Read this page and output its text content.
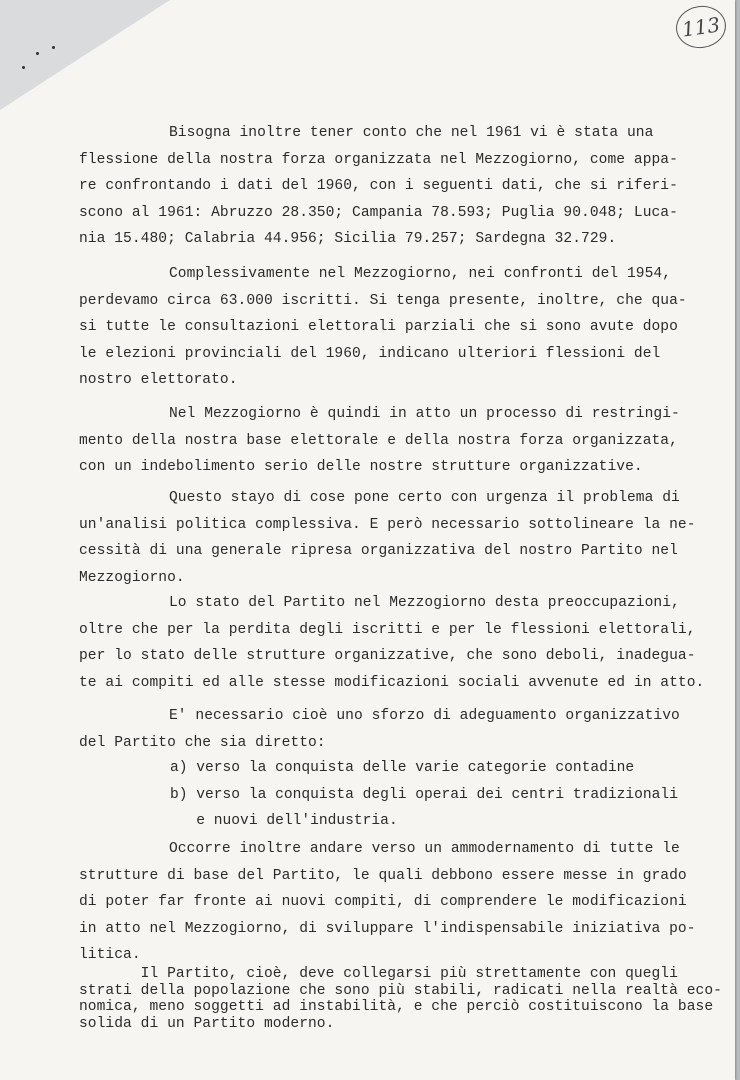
113
Bisogna inoltre tener conto che nel 1961 vi è stata una
flessione della nostra forza organizzata nel Mezzogiorno, come appa-
re confrontando i dati del 1960, con i seguenti dati, che si riferi-
scono al 1961: Abruzzo 28.350; Campania 78.593; Puglia 90.048; Luca-
nia 15.480; Calabria 44.956; Sicilia 79.257; Sardegna 32.729.
Complessivamente nel Mezzogiorno, nei confronti del 1954,
perdevamo circa 63.000 iscritti. Si tenga presente, inoltre, che qua-
si tutte le consultazioni elettorali parziali che si sono avute dopo
le elezioni provinciali del 1960, indicano ulteriori flessioni del
nostro elettorato.
Nel Mezzogiorno è quindi in atto un processo di restringi-
mento della nostra base elettorale e della nostra forza organizzata,
con un indebolimento serio delle nostre strutture organizzative.
Questo stayo di cose pone certo con urgenza il problema di
un'analisi politica complessiva. E però necessario sottolineare la ne-
cessità di una generale ripresa organizzativa del nostro Partito nel
Mezzogiorno.
Lo stato del Partito nel Mezzogiorno desta preoccupazioni,
oltre che per la perdita degli iscritti e per le flessioni elettorali,
per lo stato delle strutture organizzative, che sono deboli, inadegua-
te ai compiti ed alle stesse modificazioni sociali avvenute ed in atto.
E' necessario cioè uno sforzo di adeguamento organizzativo
del Partito che sia diretto:
a) verso la conquista delle varie categorie contadine
b) verso la conquista degli operai dei centri tradizionali
e nuovi dell'industria.
Occorre inoltre andare verso un ammodernamento di tutte le
strutture di base del Partito, le quali debbono essere messe in grado
di poter far fronte ai nuovi compiti, di comprendere le modificazioni
in atto nel Mezzogiorno, di sviluppare l'indispensabile iniziativa po-
litica.
Il Partito, cioè, deve collegarsi più strettamente con quegli
strati della popolazione che sono più stabili, radicati nella realtà eco-
nomica, meno soggetti ad instabilità, e che perciò costituiscono la base
solida di un Partito moderno.
